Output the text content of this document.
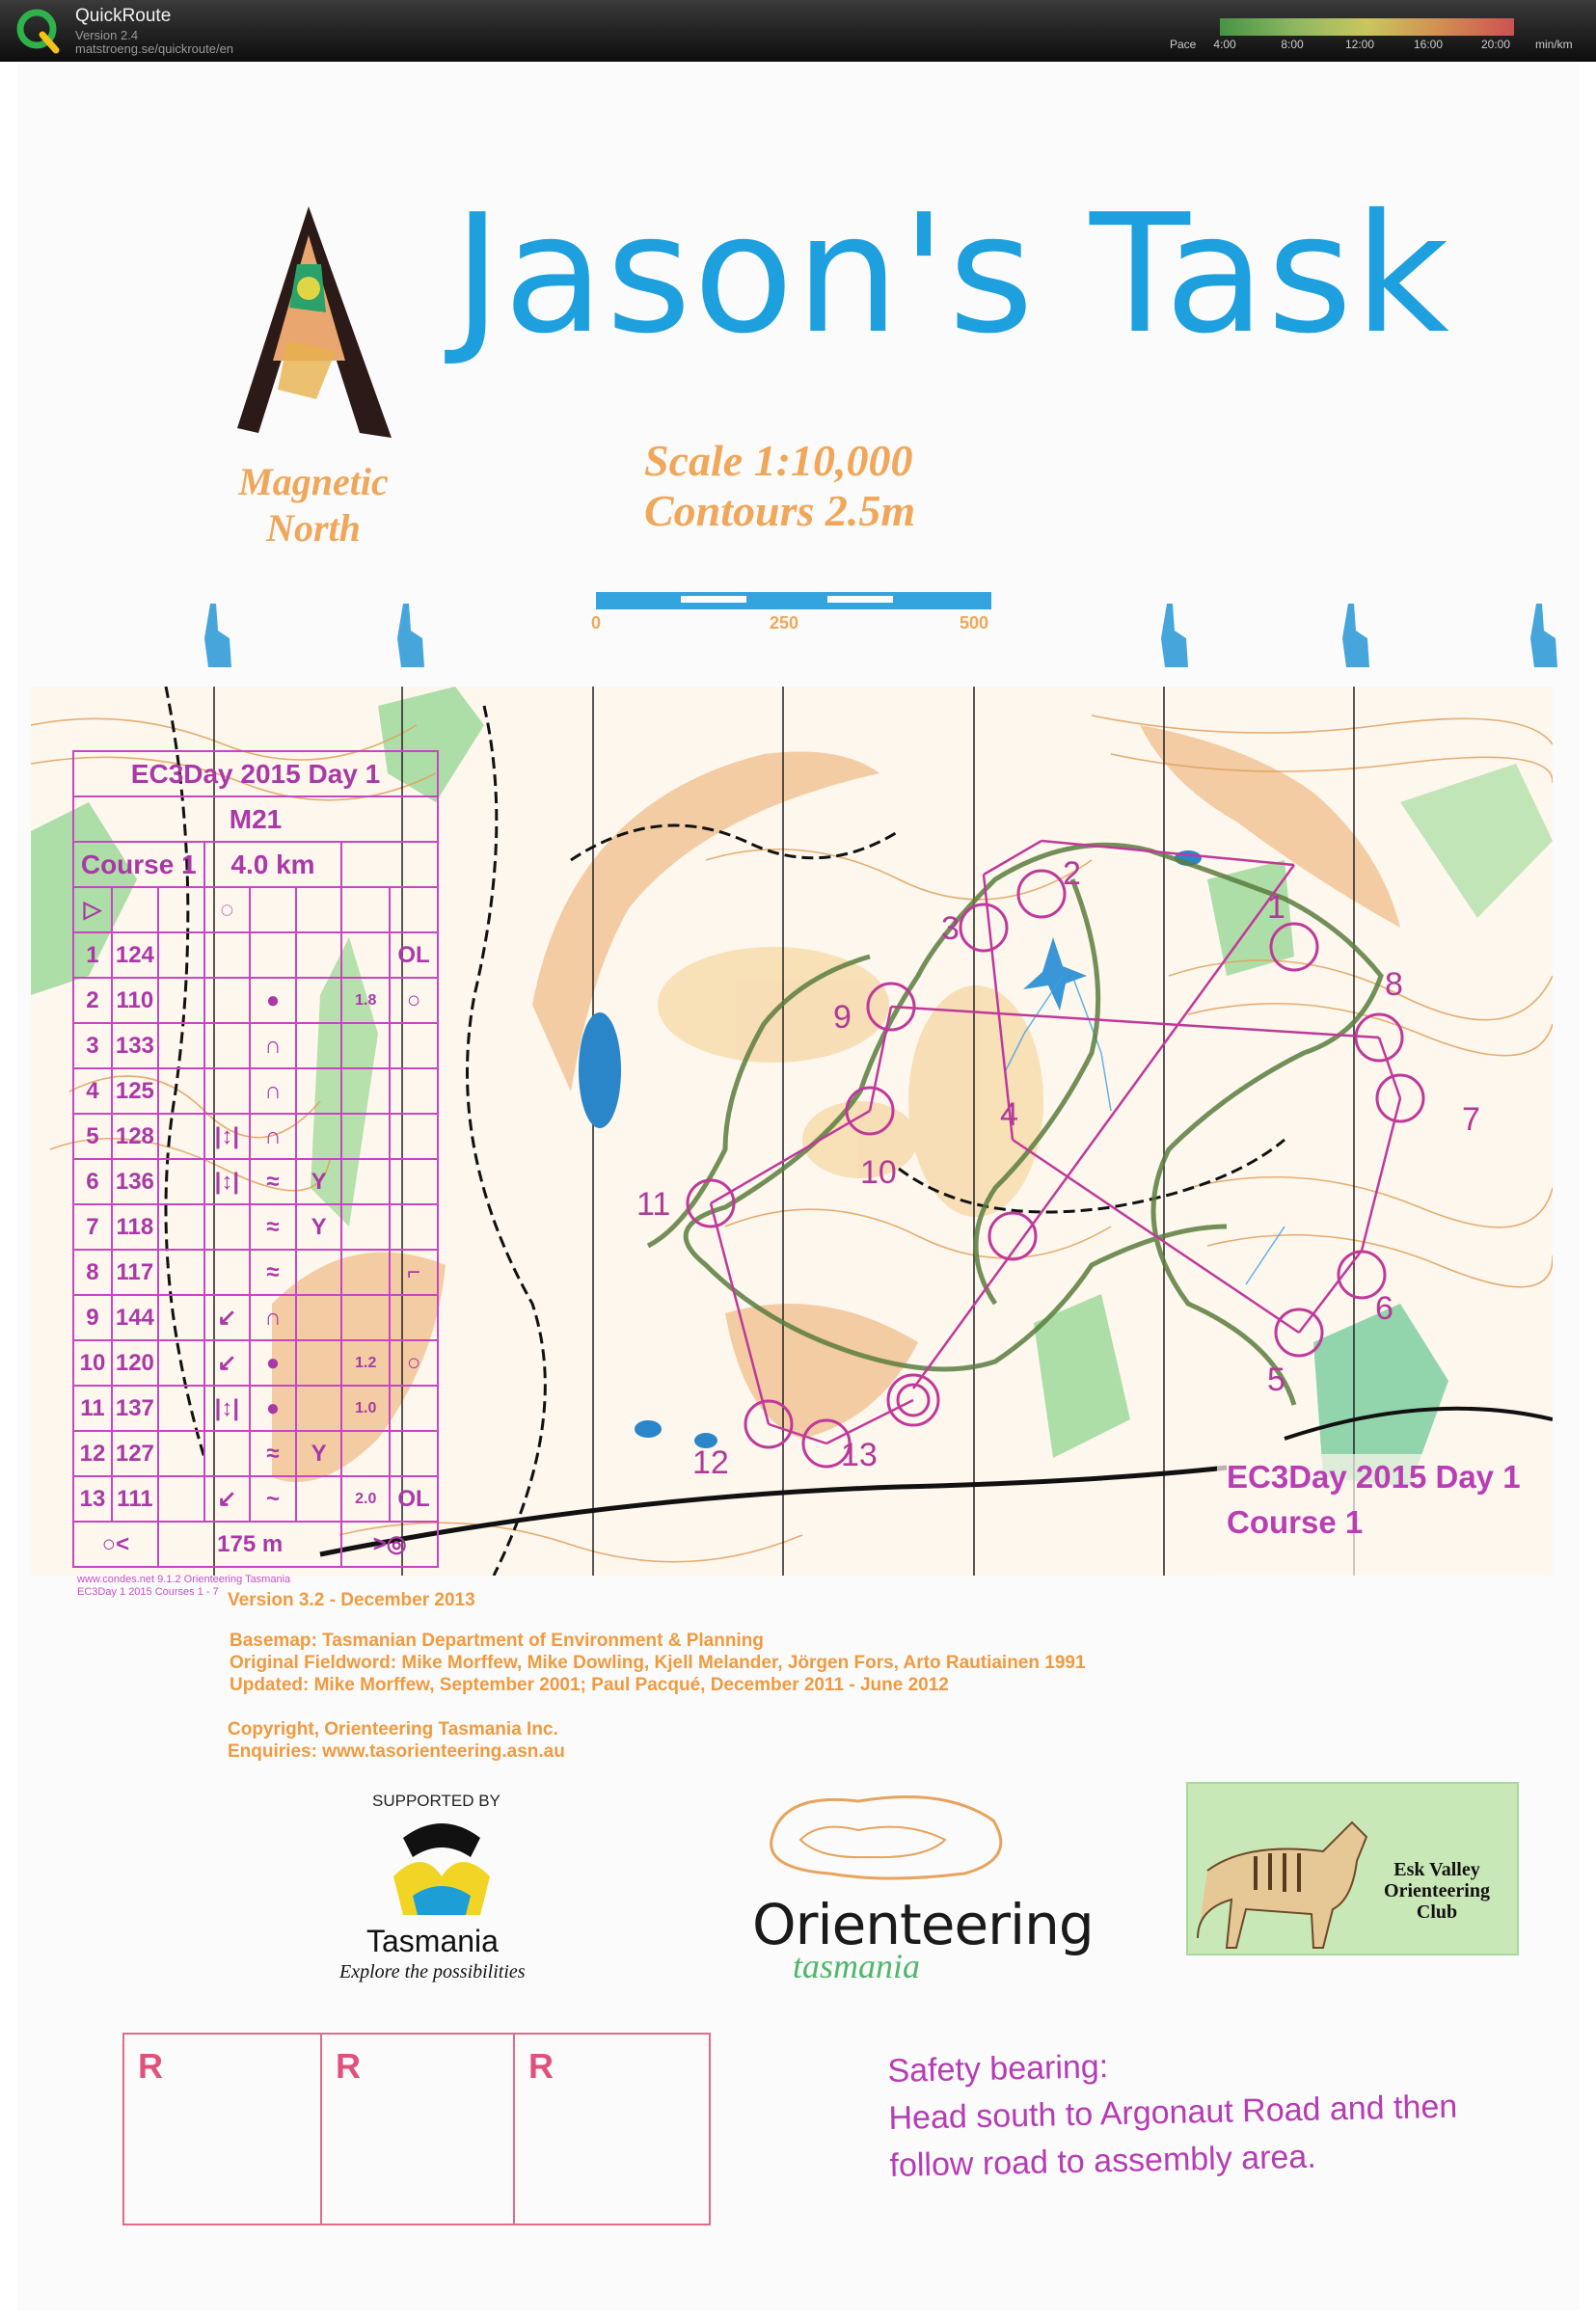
QuickRoute
Version 2.4
matstroeng.se/quickroute/en	Pace 4:00	8:00	12:00	16:00	20:00 min/km
Magnetic
North
Jason's Task
Scale 1:10,000
Contours 2.5m
0	250	500
1
2
3
4
5
6
7
8
9
10
11
12	13
EC3Day 2015 Day 1							
M21							
Course 1			4.0 km				
▷			◌				
1	124						OL
2	110			●		1.8	○
3	133			∩			
4	125			∩			
5	128		|↕|	∩			
6	136		|↕|	≈	Y		
7	118			≈	Y		
8	117			≈			⌐
9	144		↙	∩			
10	120		↙	●		1.2	○
11	137		|↕|	●		1.0	
12	127			≈	Y		
13	111		↙	~		2.0	OL
○<		175 m				>◎	
www.condes.net 9.1.2 Orienteering Tasmania
EC3Day 1 2015 Courses 1 - 7
EC3Day 2015 Day 1
Course 1
Version 3.2 - December 2013
Basemap: Tasmanian Department of Environment & Planning
Original Fieldword: Mike Morffew, Mike Dowling, Kjell Melander, Jörgen Fors, Arto Rautiainen 1991
Updated: Mike Morffew, September 2001; Paul Pacqué, December 2011 - June 2012
Copyright, Orienteering Tasmania Inc.
Enquiries: www.tasorienteering.asn.au
SUPPORTED BY
Tasmania
Explore the possibilities
Orienteering
tasmania
Esk Valley
Orienteering
Club
R	R	R	Safety bearing:
Head south to Argonaut Road and then
follow road to assembly area.
